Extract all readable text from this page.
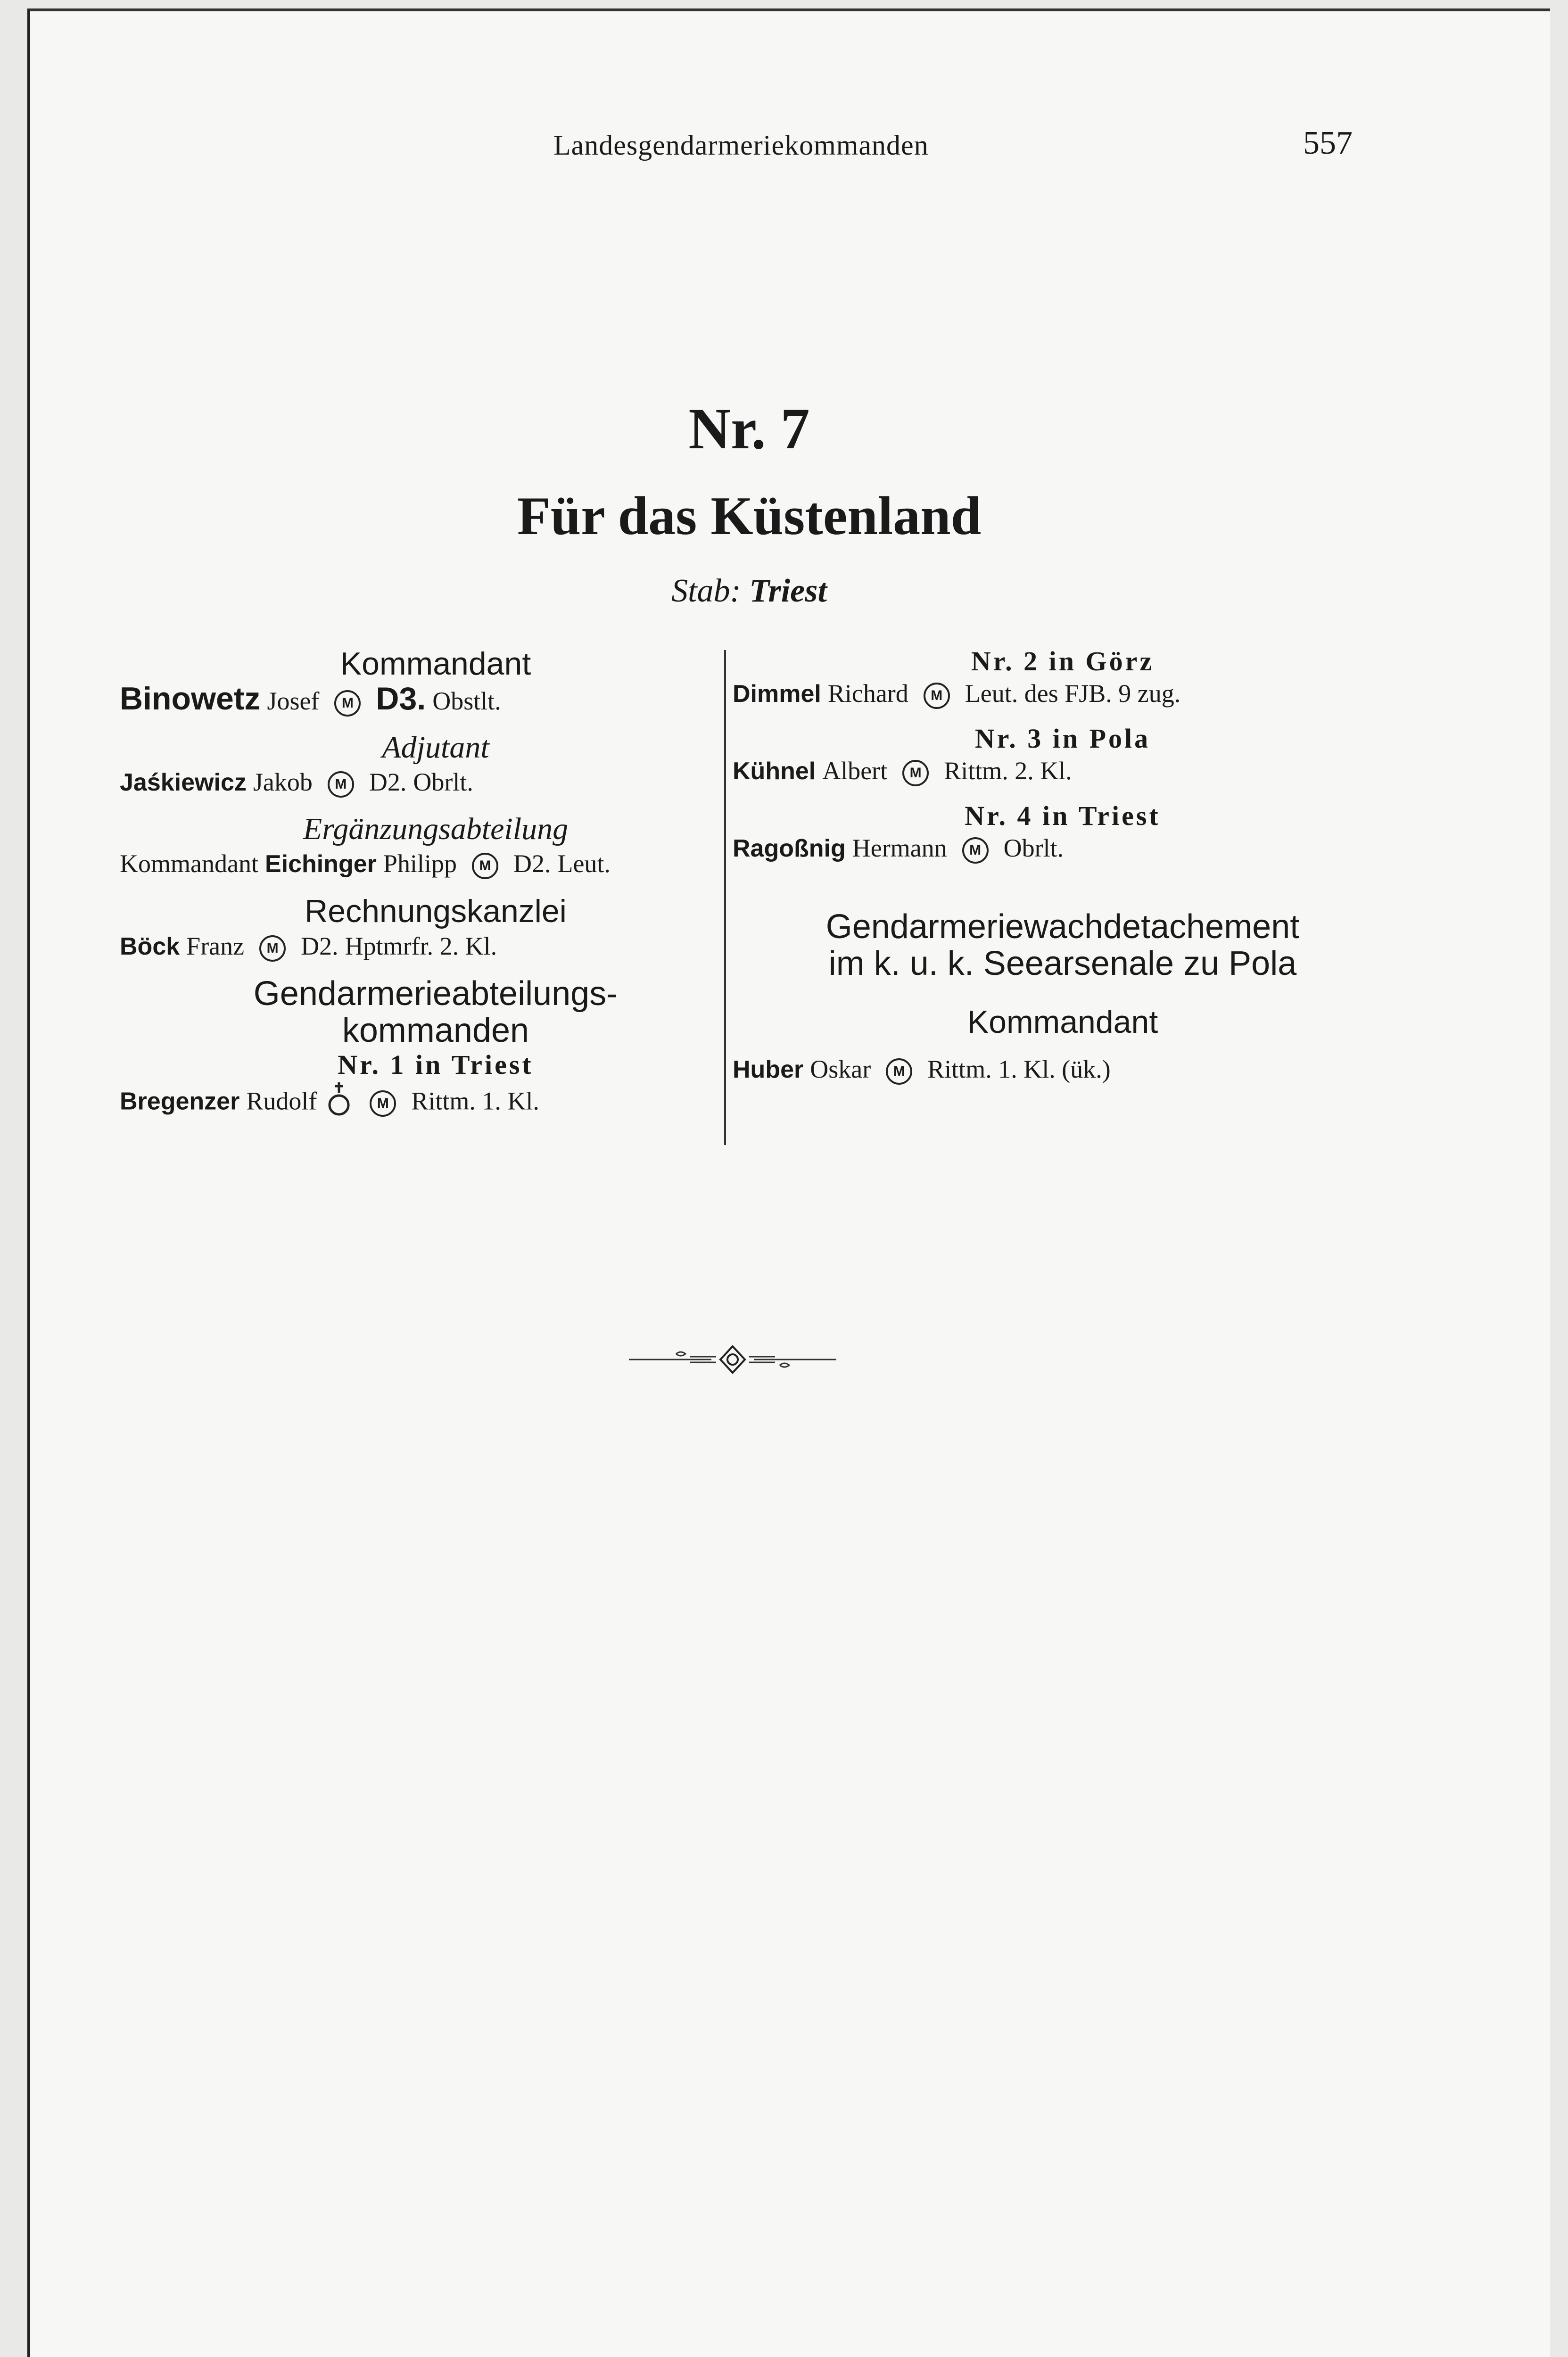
Landesgendarmeriekommanden	557
Nr. 7
Für das Küstenland
Stab: Triest

Kommandant

Binowetz Josef M D3. Obstlt.

Adjutant

Jaśkiewicz Jakob M D2. Obrlt.

Ergänzungsabteilung

Kommandant Eichinger Philipp M D2. Leut.

Rechnungskanzlei

Böck Franz M D2. Hptmrfr. 2. Kl.

Gendarmerieabteilungs-

kommanden

Nr. 1 in Triest

Bregenzer Rudolf	M Rittm. 1. Kl.

Nr. 2 in Görz

Dimmel Richard M Leut. des FJB. 9 zug.

Nr. 3 in Pola

Kühnel Albert M Rittm. 2. Kl.

Nr. 4 in Triest

Ragoßnig Hermann M Obrlt.

Gendarmeriewachdetachement

im k. u. k. Seearsenale zu Pola

Kommandant

Huber Oskar M Rittm. 1. Kl. (ük.)
